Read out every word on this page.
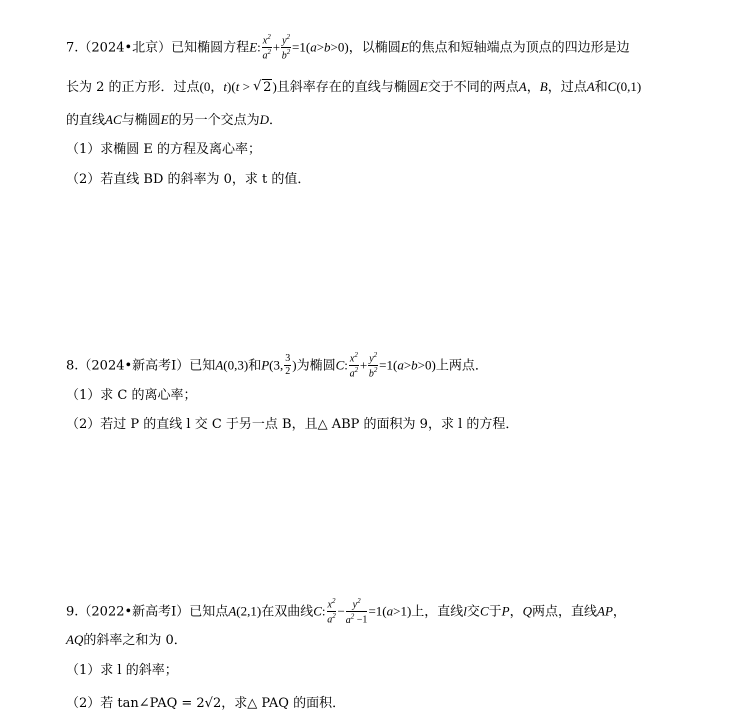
7.（2024•北京）已知椭圆方程E: $\frac{x^2}{a^2} + \frac{y^2}{b^2} =1(a>b>0)$，以椭圆E的焦点和短轴端点为顶点的四边形是边
长为 2 的正方形．过点(0，t)(t > √ 2)且斜率存在的直线与椭圆E交于不同的两点A，B，过点A和C(0,1)
的直线AC与椭圆E的另一个交点为D．
（1）求椭圆 E 的方程及离心率；
（2）若直线 BD 的斜率为 0，求 t 的值．
8.（2024•新高考Ⅰ）已知A(0,3)和P(3, $\frac{3}{2}$ )为椭圆C: $\frac{x^2}{a^2} + \frac{y^2}{b^2} =1(a>b>0)$上两点．
（1）求 C 的离心率；
（2）若过 P 的直线 l 交 C 于另一点 B，且△ ABP 的面积为 9，求 l 的方程．
9.（2022•新高考Ⅰ）已知点A(2,1)在双曲线C: $\frac{x^2}{a^2} - \frac{y^2}{a^2 -1} =1(a>1)$上，直线l交C于P，Q两点，直线AP，
AQ的斜率之和为 0．
（1）求 l 的斜率；
（2）若 tan∠PAQ = 2√2，求△ PAQ 的面积．
